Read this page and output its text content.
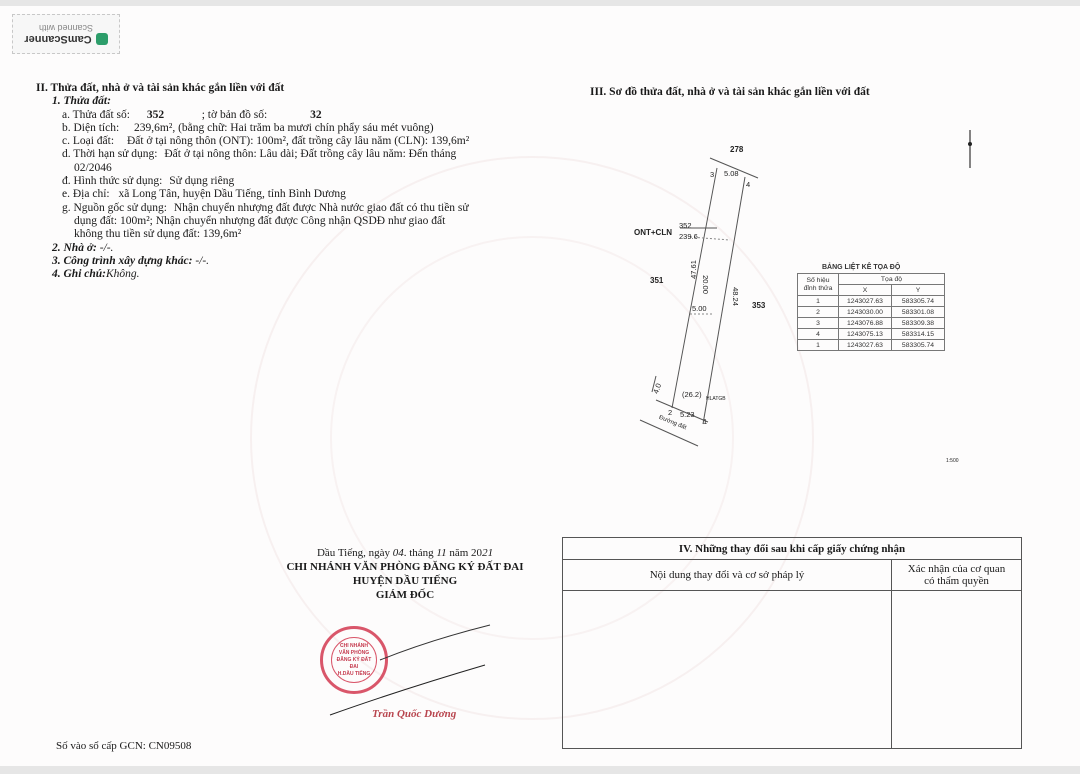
CamScanner
Scanned with
II. Thửa đất, nhà ở và tài sản khác gắn liền với đất
1. Thửa đất:
a. Thửa đất số: 352	; tờ bản đồ số:	32
b. Diện tích: 239,6m², (bằng chữ: Hai trăm ba mươi chín phẩy sáu mét vuông)
c. Loại đất: Đất ở tại nông thôn (ONT): 100m², đất trồng cây lâu năm (CLN): 139,6m²
d. Thời hạn sử dụng: Đất ở tại nông thôn: Lâu dài; Đất trồng cây lâu năm: Đến tháng
02/2046
đ. Hình thức sử dụng: Sử dụng riêng
e. Địa chỉ: xã Long Tân, huyện Dầu Tiếng, tỉnh Bình Dương
g. Nguồn gốc sử dụng: Nhận chuyển nhượng đất được Nhà nước giao đất có thu tiền sử
dụng đất: 100m²; Nhận chuyển nhượng đất được Công nhận QSDĐ như giao đất
không thu tiền sử dụng đất: 139,6m²
2. Nhà ở: -/-.
3. Công trình xây dựng khác: -/-.
4. Ghi chú:Không.
III. Sơ đồ thửa đất, nhà ở và tài sản khác gắn liền với đất
278
3 5.08
4
ONT+CLN
352
239.6
351
353
47.61
20.00
48.24
5.00
4.0	(26.2) HLATGB
2 5.23
1
Đường đất
1:500
BẢNG LIỆT KÊ TỌA ĐỘ
Số hiệu đỉnh thửa	Tọa độ	
	X	Y
1	1243027.63	583305.74
2	1243030.00	583301.08
3	1243076.88	583309.38
4	1243075.13	583314.15
1	1243027.63	583305.74
Dầu Tiếng, ngày 04. tháng 11 năm 2021
CHI NHÁNH VĂN PHÒNG ĐĂNG KÝ ĐẤT ĐAI
HUYỆN DẦU TIẾNG
GIÁM ĐỐC
CHI NHÁNH
VĂN PHÒNG
ĐĂNG KÝ ĐẤT ĐAI
H.DẦU TIẾNG
Trần Quốc Dương
IV. Những thay đổi sau khi cấp giấy chứng nhận	
Nội dung thay đổi và cơ sở pháp lý	Xác nhận của cơ quan
có thẩm quyền

Số vào sổ cấp GCN: CN09508
